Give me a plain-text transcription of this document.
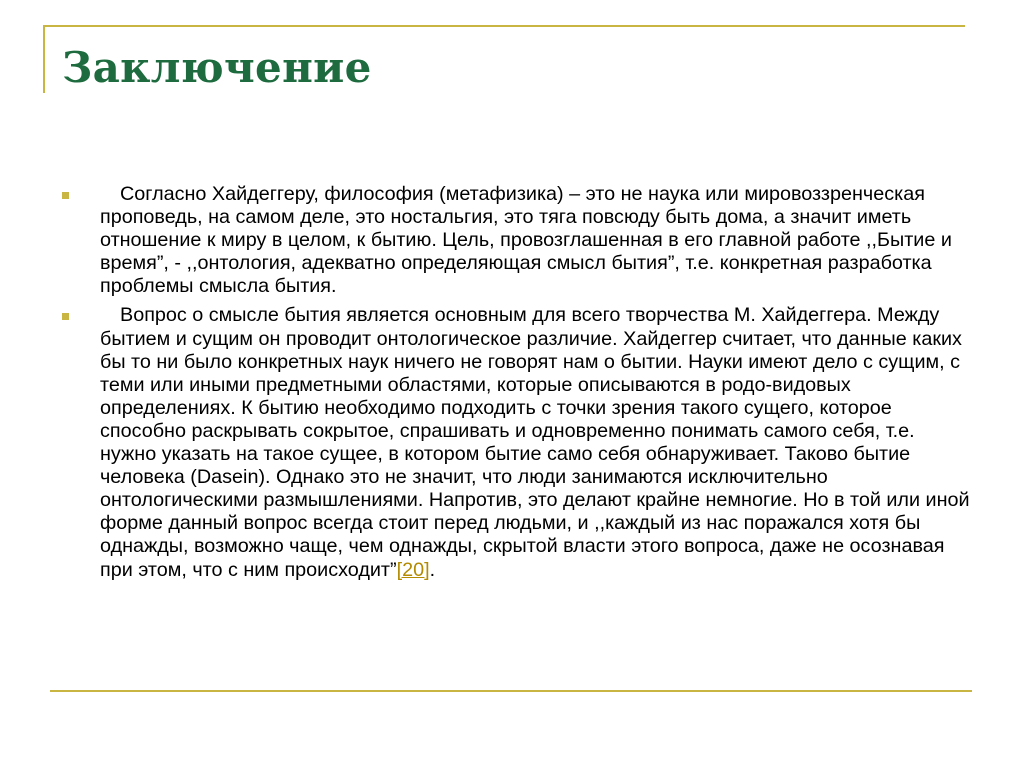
Заключение
Согласно Хайдеггеру, философия (метафизика) – это не наука или мировоззренческая проповедь, на самом деле, это ностальгия, это тяга повсюду быть дома, а значит иметь отношение к миру в целом, к бытию. Цель, провозглашенная в его главной работе ,,Бытие и время”, - ,,онтология, адекватно определяющая смысл бытия”, т.е. конкретная разработка проблемы смысла бытия.
Вопрос о смысле бытия является основным для всего творчества М. Хайдеггера. Между бытием и сущим он проводит онтологическое различие. Хайдеггер считает, что данные каких бы то ни было конкретных наук ничего не говорят нам о бытии. Науки имеют дело с сущим, с теми или иными предметными областями, которые описываются в родо-видовых определениях. К бытию необходимо подходить с точки зрения такого сущего, которое способно раскрывать сокрытое, спрашивать и одновременно понимать самого себя, т.е. нужно указать на такое сущее, в котором бытие само себя обнаруживает. Таково бытие человека (Dasein). Однако это не значит, что люди занимаются исключительно онтологическими размышлениями. Напротив, это делают крайне немногие. Но в той или иной форме данный вопрос всегда стоит перед людьми, и ,,каждый из нас поражался хотя бы однажды, возможно чаще, чем однажды, скрытой власти этого вопроса, даже не осознавая при этом, что с ним происходит”[20].
